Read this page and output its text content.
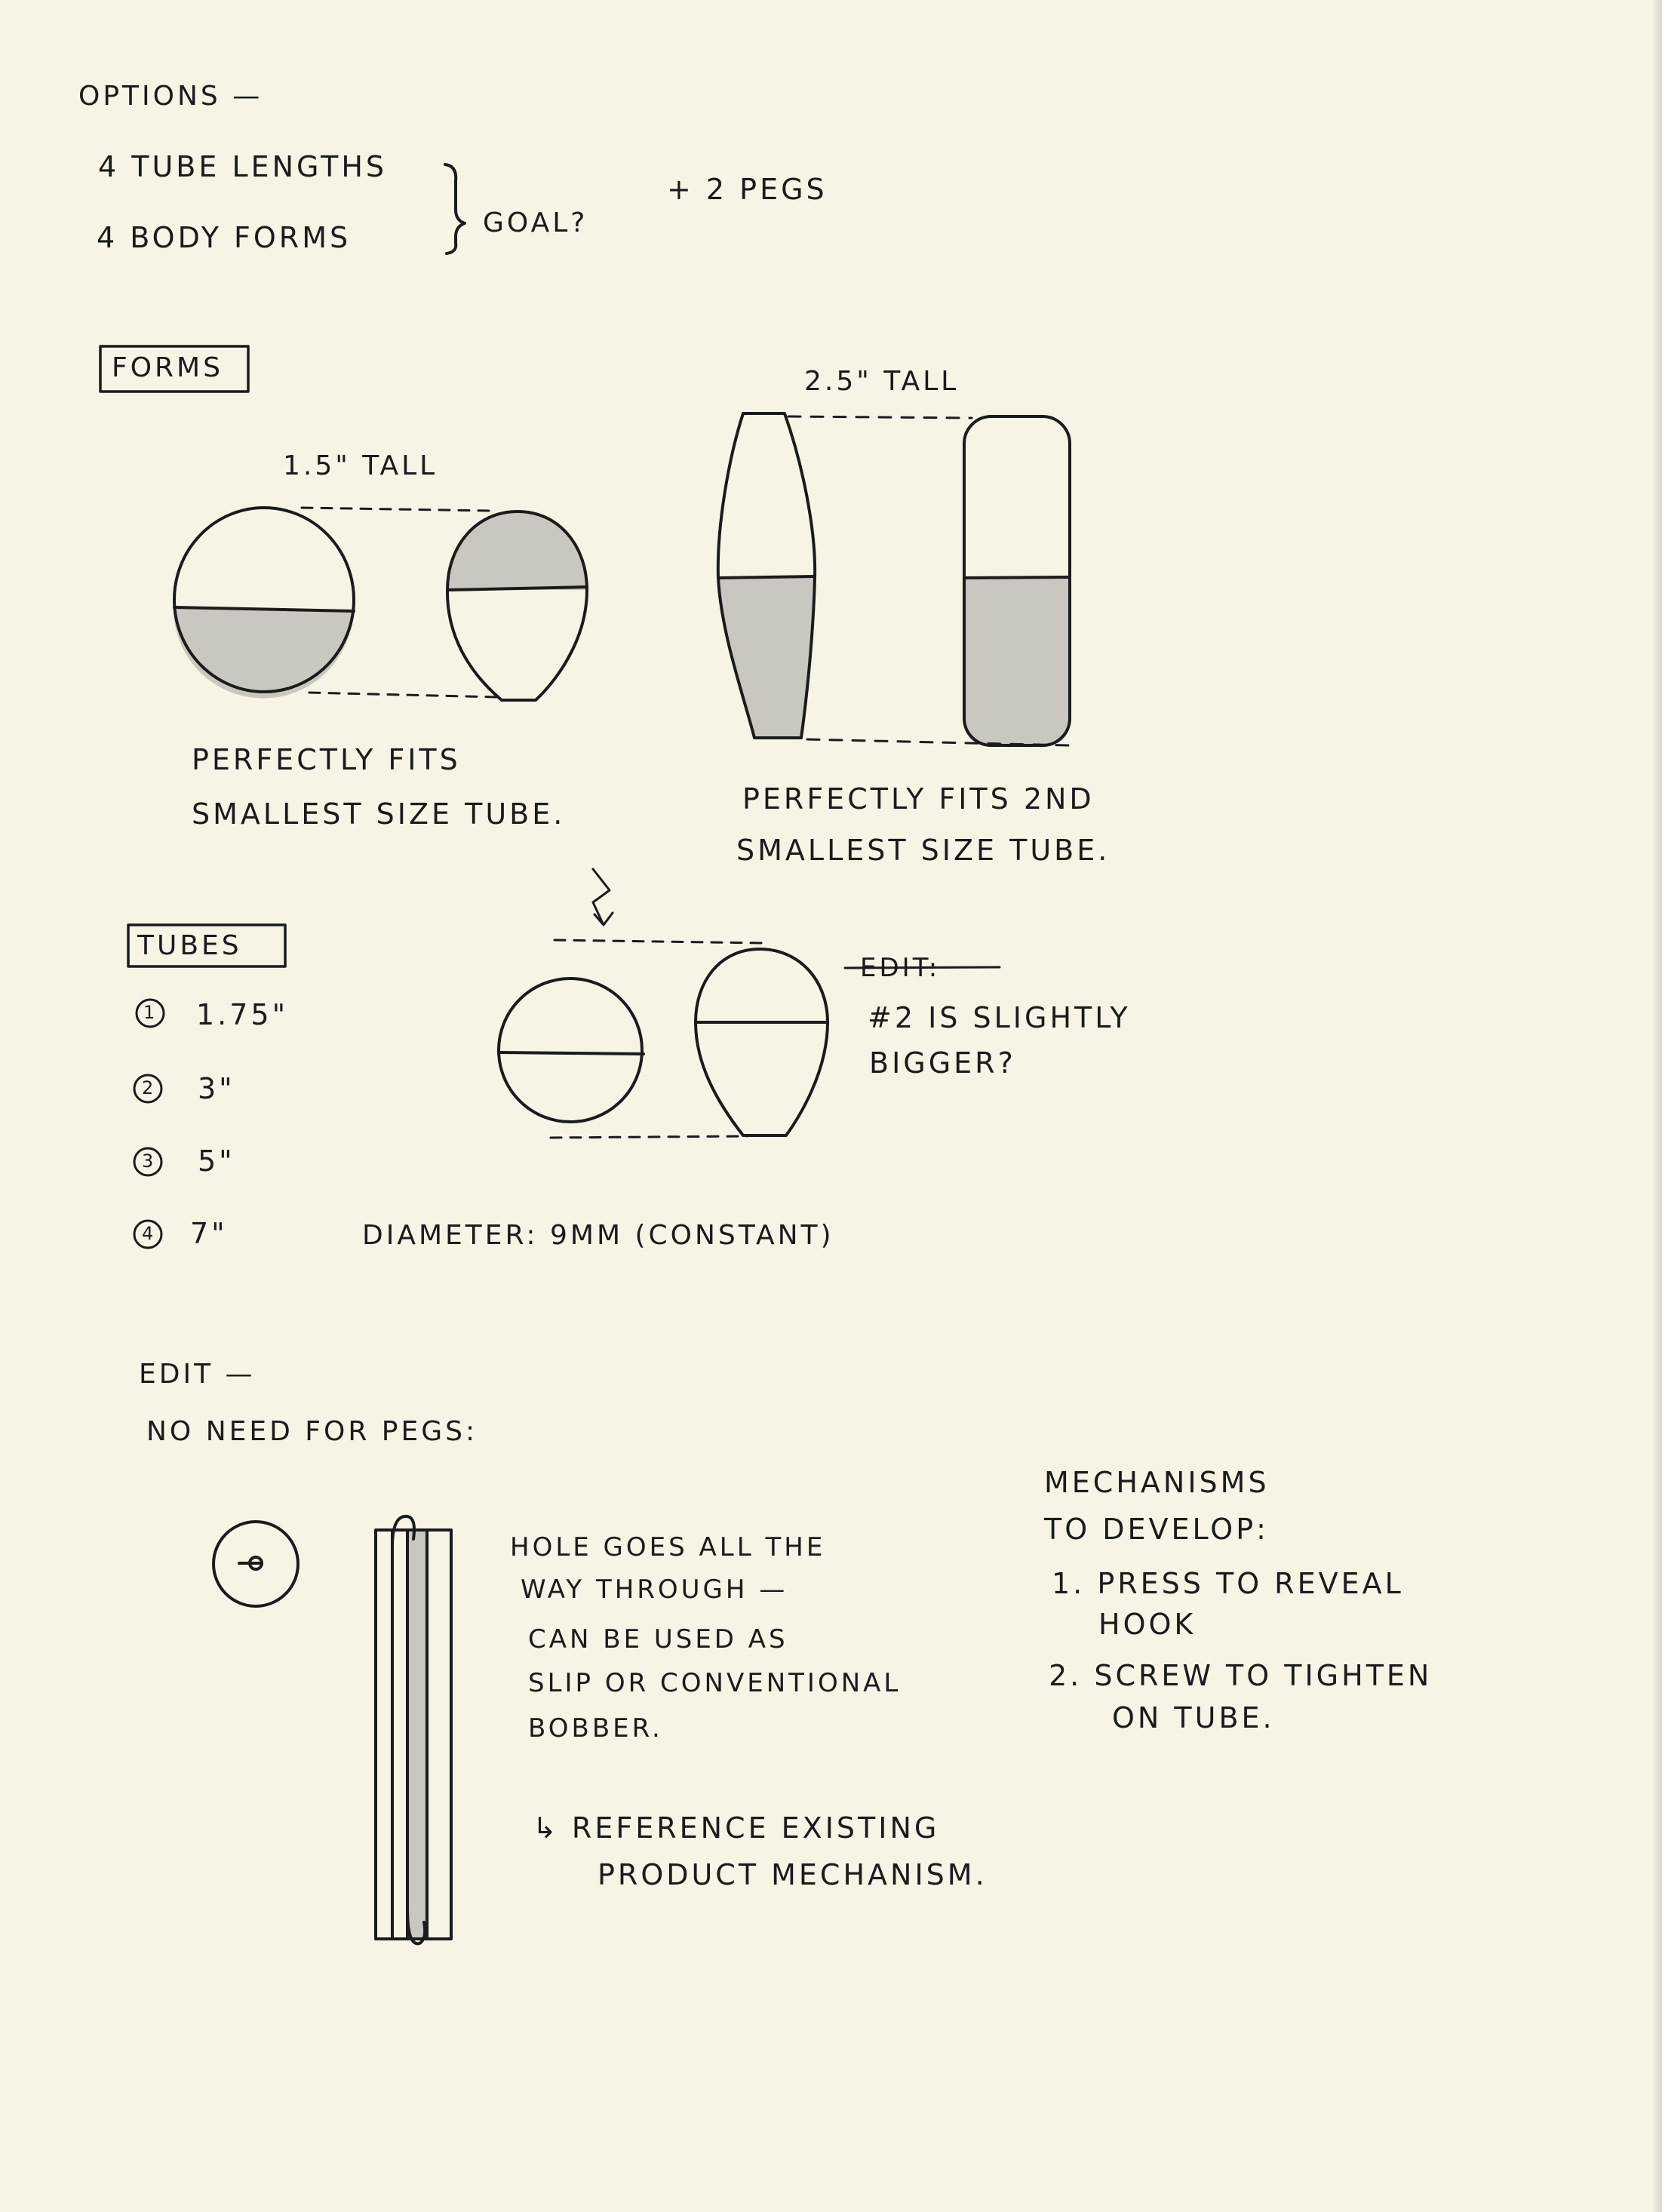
OPTIONS —
4 TUBE LENGTHS
4 BODY FORMS	GOAL?
+ 2 PEGS
FORMS
1.5" TALL
2.5" TALL
PERFECTLY FITS
SMALLEST SIZE TUBE.	PERFECTLY FITS 2ND
SMALLEST SIZE TUBE.
TUBES
1 1.75"
2 3"
3 5"
4 7"	DIAMETER: 9MM (CONSTANT)
EDIT:
#2 IS SLIGHTLY
BIGGER?
EDIT —
NO NEED FOR PEGS:
HOLE GOES ALL THE
WAY THROUGH —
CAN BE USED AS
SLIP OR CONVENTIONAL
BOBBER.
↳ REFERENCE EXISTING
PRODUCT MECHANISM.
MECHANISMS
TO DEVELOP:
1. PRESS TO REVEAL
HOOK
2. SCREW TO TIGHTEN
ON TUBE.
